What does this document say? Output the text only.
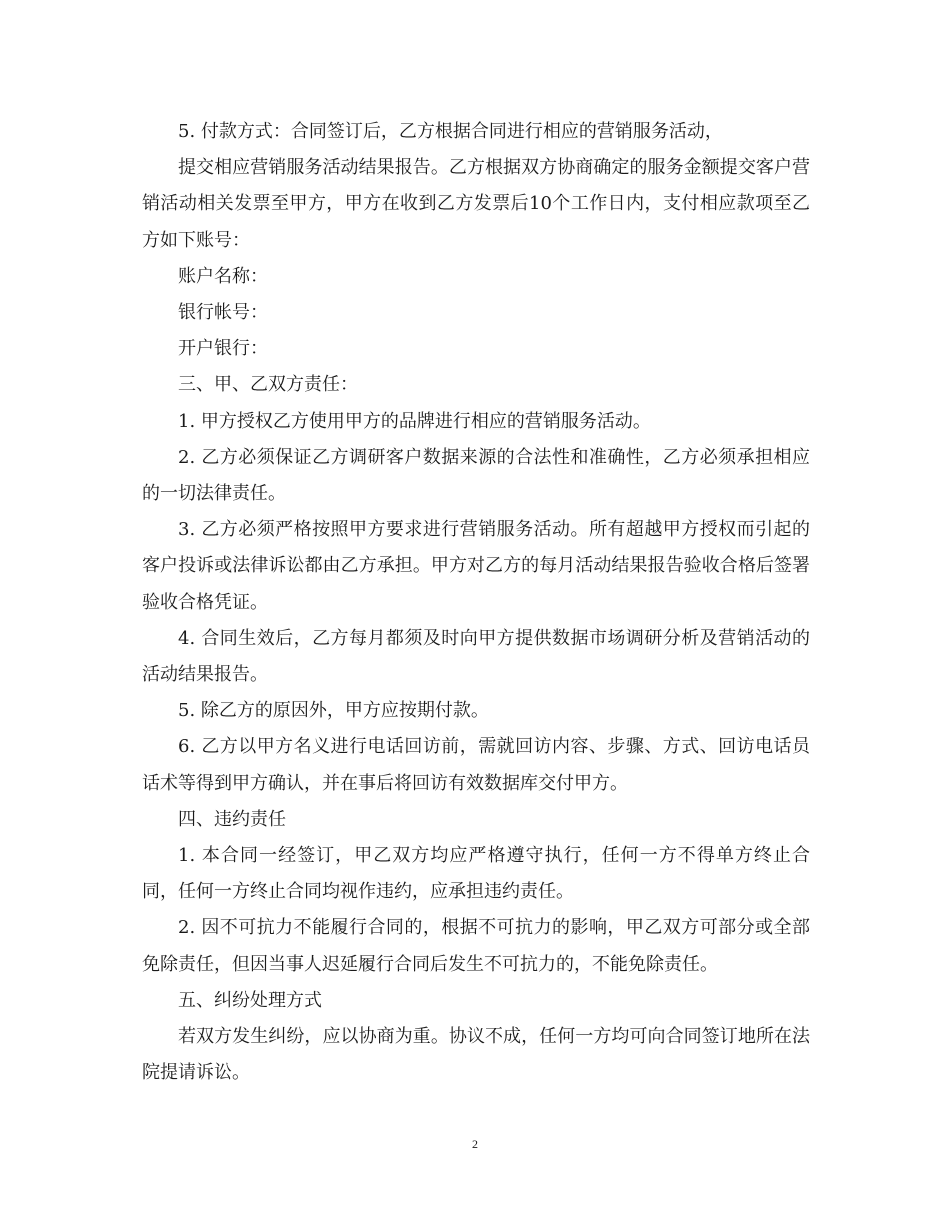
5. 付款方式：合同签订后，乙方根据合同进行相应的营销服务活动，

提交相应营销服务活动结果报告。乙方根据双方协商确定的服务金额提交客户营销活动相关发票至甲方，甲方在收到乙方发票后10个工作日内，支付相应款项至乙方如下账号：

账户名称：

银行帐号：

开户银行：

三、甲、乙双方责任：

1. 甲方授权乙方使用甲方的品牌进行相应的营销服务活动。

2. 乙方必须保证乙方调研客户数据来源的合法性和准确性，乙方必须承担相应的一切法律责任。

3. 乙方必须严格按照甲方要求进行营销服务活动。所有超越甲方授权而引起的客户投诉或法律诉讼都由乙方承担。甲方对乙方的每月活动结果报告验收合格后签署验收合格凭证。

4. 合同生效后，乙方每月都须及时向甲方提供数据市场调研分析及营销活动的活动结果报告。

5. 除乙方的原因外，甲方应按期付款。

6. 乙方以甲方名义进行电话回访前，需就回访内容、步骤、方式、回访电话员话术等得到甲方确认，并在事后将回访有效数据库交付甲方。

四、违约责任

1. 本合同一经签订，甲乙双方均应严格遵守执行，任何一方不得单方终止合同，任何一方终止合同均视作违约，应承担违约责任。

2. 因不可抗力不能履行合同的，根据不可抗力的影响，甲乙双方可部分或全部免除责任，但因当事人迟延履行合同后发生不可抗力的，不能免除责任。

五、纠纷处理方式

若双方发生纠纷，应以协商为重。协议不成，任何一方均可向合同签订地所在法院提请诉讼。

2
